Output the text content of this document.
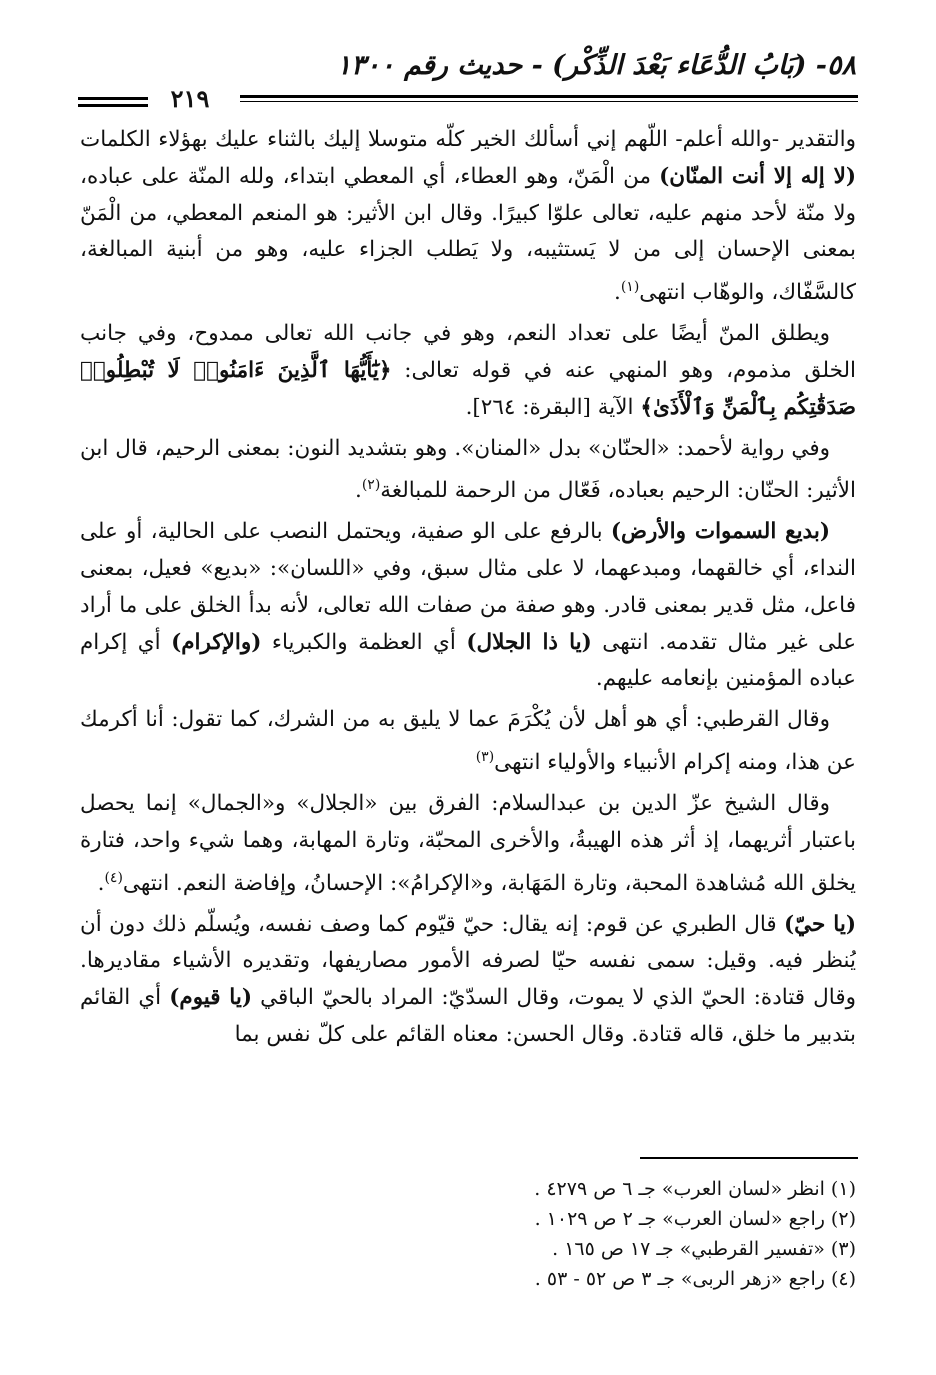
٥٨- (بَابُ الدُّعَاء بَعْدَ الذِّكْر) - حديث رقم ١٣٠٠
٢١٩

والتقدير -والله أعلم- اللّهم إني أسألك الخير كلّه متوسلا إليك بالثناء عليك بهؤلاء الكلمات (لا إله إلا أنت المنّان) من الْمَنّ، وهو العطاء، أي المعطي ابتداء، ولله المنّة على عباده، ولا منّة لأحد منهم عليه، تعالى علوّا كبيرًا. وقال ابن الأثير: هو المنعم المعطي، من الْمَنّ بمعنى الإحسان إلى من لا يَستثيبه، ولا يَطلب الجزاء عليه، وهو من أبنية المبالغة، كالسَّفّاك، والوهّاب انتهى$^{(١)}$.

ويطلق المنّ أيضًا على تعداد النعم، وهو في جانب الله تعالى ممدوح، وفي جانب الخلق مذموم، وهو المنهي عنه في قوله تعالى: ﴿يَٰٓأَيُّهَا ٱلَّذِينَ ءَامَنُوا۟ لَا تُبْطِلُوا۟ صَدَقَٰتِكُم بِٱلْمَنِّ وَٱلْأَذَىٰ﴾ الآية [البقرة: ٢٦٤].

وفي رواية لأحمد: «الحنّان» بدل «المنان». وهو بتشديد النون: بمعنى الرحيم، قال ابن الأثير: الحنّان: الرحيم بعباده، فَعّال من الرحمة للمبالغة$^{(٢)}$.

(بديع السموات والأرض) بالرفع على الو صفية، ويحتمل النصب على الحالية، أو على النداء، أي خالقهما، ومبدعهما، لا على مثال سبق، وفي «اللسان»: «بديع» فعيل، بمعنى فاعل، مثل قدير بمعنى قادر. وهو صفة من صفات الله تعالى، لأنه بدأ الخلق على ما أراد على غير مثال تقدمه. انتهى (يا ذا الجلال) أي العظمة والكبرياء (والإكرام) أي إكرام عباده المؤمنين بإنعامه عليهم.

وقال القرطبي: أي هو أهل لأن يُكْرَمَ عما لا يليق به من الشرك، كما تقول: أنا أكرمك عن هذا، ومنه إكرام الأنبياء والأولياء انتهى$^{(٣)}$

وقال الشيخ عزّ الدين بن عبدالسلام: الفرق بين «الجلال» و«الجمال» إنما يحصل باعتبار أثريهما، إذ أثر هذه الهيبةُ، والأخرى المحبّة، وتارة المهابة، وهما شيء واحد، فتارة يخلق الله مُشاهدة المحبة، وتارة المَهَابة، و«الإكرامُ»: الإحسانُ، وإفاضة النعم. انتهى$^{(٤)}$.

(يا حيّ) قال الطبري عن قوم: إنه يقال: حيّ قيّوم كما وصف نفسه، ويُسلّم ذلك دون أن يُنظر فيه. وقيل: سمى نفسه حيّا لصرفه الأمور مصاريفها، وتقديره الأشياء مقاديرها. وقال قتادة: الحيّ الذي لا يموت، وقال السدّيّ: المراد بالحيّ الباقي (يا قيوم) أي القائم بتدبير ما خلق، قاله قتادة. وقال الحسن: معناه القائم على كلّ نفس بما

(١) انظر «لسان العرب» جـ ٦ ص ٤٢٧٩ .

(٢) راجع «لسان العرب» جـ ٢ ص ١٠٢٩ .

(٣) «تفسير القرطبي» جـ ١٧ ص ١٦٥ .

(٤) راجع «زهر الربى» جـ ٣ ص ٥٢ - ٥٣ .
